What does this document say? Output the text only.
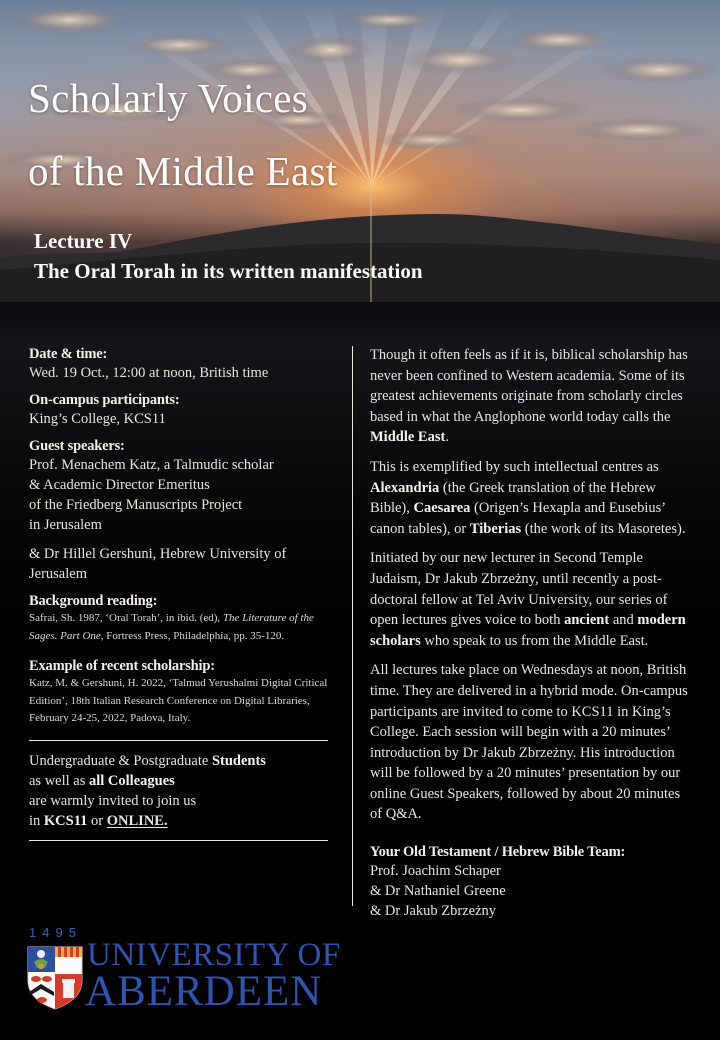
Scholarly Voices
of the Middle East
Lecture IV
The Oral Torah in its written manifestation
Date & time:
Wed. 19 Oct., 12:00 at noon, British time
On-campus participants:
King’s College, KCS11
Guest speakers:
Prof. Menachem Katz, a Talmudic scholar
& Academic Director Emeritus
of the Friedberg Manuscripts Project
in Jerusalem
& Dr Hillel Gershuni, Hebrew University of
Jerusalem
Background reading:
Safrai, Sh. 1987, ‘Oral Torah’, in ibid. (ed), The Literature of the Sages. Part One, Fortress Press, Philadelphia, pp. 35-120.
Example of recent scholarship:
Katz, M. & Gershuni, H. 2022, ‘Talmud Yerushalmi Digital Critical Edition’, 18th Italian Research Conference on Digital Libraries, February 24-25, 2022, Padova, Italy.
Undergraduate & Postgraduate Students
as well as all Colleagues
are warmly invited to join us
in KCS11 or ONLINE.
1495
UNIVERSITY OF
ABERDEEN

Though it often feels as if it is, biblical scholarship has never been confined to Western academia. Some of its greatest achievements originate from scholarly circles based in what the Anglophone world today calls the Middle East.

This is exemplified by such intellectual centres as Alexandria (the Greek translation of the Hebrew Bible), Caesarea (Origen’s Hexapla and Eusebius’ canon tables), or Tiberias (the work of its Masoretes).

Initiated by our new lecturer in Second Temple Judaism, Dr Jakub Zbrzeżny, until recently a post-doctoral fellow at Tel Aviv University, our series of open lectures gives voice to both ancient and modern scholars who speak to us from the Middle East.

All lectures take place on Wednesdays at noon, British time. They are delivered in a hybrid mode. On-campus participants are invited to come to KCS11 in King’s College. Each session will begin with a 20 minutes’ introduction by Dr Jakub Zbrzeżny. His introduction will be followed by a 20 minutes’ presentation by our online Guest Speakers, followed by about 20 minutes of Q&A.

Your Old Testament / Hebrew Bible Team:
Prof. Joachim Schaper
& Dr Nathaniel Greene
& Dr Jakub Zbrzeżny
